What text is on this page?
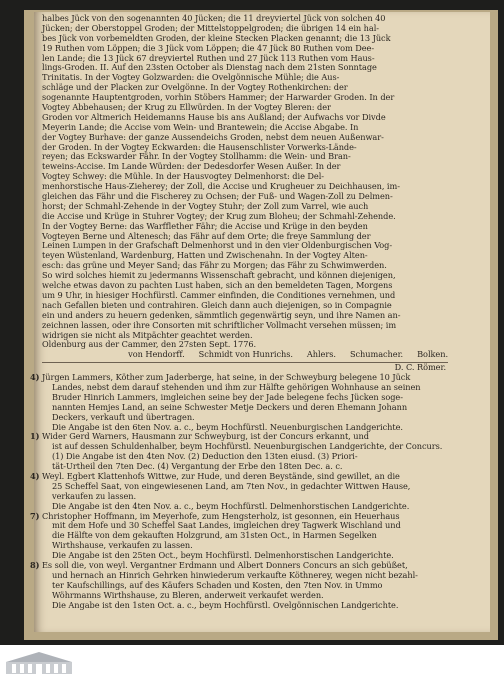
halbes Jück von den sogenannten 40 Jücken; die 11 dreyviertel Jück von solchen 40
Jücken; der Oberstoppel Groden; der Mittelstoppelgroden; die übrigen 14 ein hal-
bes Jück von vorbemeldten Groden, der kleine Stecken Placken genannt; die 13 Jück
19 Ruthen vom Löppen; die 3 Jück vom Löppen; die 47 Jück 80 Ruthen vom Dee-
len Lande; die 13 Jück 67 dreyviertel Ruthen und 27 Jück 113 Ruthen vom Haus-
lings-Groden. II. Auf den 23sten October als Dienstag nach dem 21sten Sonntage
Trinitatis. In der Vogtey Golzwarden: die Ovelgönnische Mühle; die Aus-
schläge und der Placken zur Ovelgönne. In der Vogtey Rothenkirchen: der
sogenannte Hauptentgroden, vorhin Stöbers Hammer; der Harwarder Groden. In der
Vogtey Abbehausen; der Krug zu Ellwürden. In der Vogtey Bleren: der
Groden vor Altmerich Heidemanns Hause bis ans Außland; der Aufwachs vor Divde
Meyerin Lande; die Accise vom Wein- und Brantewein; die Accise Abgabe. In
der Vogtey Burhave: der ganze Aussendeichs Groden, nebst dem neuen Außenwar-
der Groden. In der Vogtey Eckwarden: die Hausenschlister Vorwerks-Lände-
reyen; das Eckswarder Fähr. In der Vogtey Stollhamm: die Wein- und Bran-
teweins-Accise. Im Lande Würden: der Dedesdorfer Wesen Außer. In der
Vogtey Schwey: die Mühle. In der Hausvogtey Delmenhorst: die Del-
menhorstische Haus-Zieherey; der Zoll, die Accise und Krugheuer zu Deichhausen, im-
gleichen das Fähr und die Fischerey zu Ochsen; der Fuß- und Wagen-Zoll zu Delmen-
horst; der Schmahl-Zehende in der Vogtey Stuhr; der Zoll zum Varrel, wie auch
die Accise und Krüge in Stuhrer Vogtey; der Krug zum Bloheu; der Schmahl-Zehende.
In der Vogtey Berne: das Warfflether Fähr; die Accise und Krüge in den beyden
Vogteyen Berne und Altenesch; das Fähr auf dem Orte; die freye Sammlung der
Leinen Lumpen in der Grafschaft Delmenhorst und in den vier Oldenburgischen Vog-
teyen Wüstenland, Wardenburg, Hatten und Zwischenahn. In der Vogtey Alten-
esch: das grüne und Meyer Sand; das Fähr zu Morgen; das Fähr zu Schwimwerden.
So wird solches hiemit zu jedermanns Wissenschaft gebracht, und können diejenigen,
welche etwas davon zu pachten Lust haben, sich an den bemeldeten Tagen, Morgens
um 9 Uhr, in hiesiger Hochfürstl. Cammer einfinden, die Conditiones vernehmen, und
nach Gefallen bieten und contrahiren. Gleich dann auch diejenigen, so in Compagnie
ein und anders zu heuern gedenken, sämmtlich gegenwärtig seyn, und ihre Namen an-
zeichnen lassen, oder ihre Consorten mit schriftlicher Vollmacht versehen müssen; im
widrigen sie nicht als Mitpächter geachtet werden.
Oldenburg aus der Cammer, den 27sten Sept. 1776.
von Hendorff. Schmidt von Hunrichs. Ahlers. Schumacher. Bolken.
D. C. Römer.
4) Jürgen Lammers, Köther zum Jaderberge, hat seine, in der Schweyburg belegene 10 Jück
Landes, nebst dem darauf stehenden und ihm zur Hälfte gehörigen Wohnhause an seinen
Bruder Hinrich Lammers, imgleichen seine bey der Jade belegene fechs Jücken soge-
nannten Hemjes Land, an seine Schwester Metje Deckers und deren Ehemann Johann
Deckers, verkauft und übertragen.
Die Angabe ist den 6ten Nov. a. c., beym Hochfürstl. Neuenburgischen Landgerichte.
1) Wider Gerd Warners, Hausmann zur Schweyburg, ist der Concurs erkannt, und
ist auf dessen Schuldenhalber, beym Hochfürstl. Neuenburgischen Landgerichte, der Concurs.
(1) Die Angabe ist den 4ten Nov. (2) Deduction den 13ten eiusd. (3) Priori-
tät-Urtheil den 7ten Dec. (4) Vergantung der Erbe den 18ten Dec. a. c.
4) Weyl. Egbert Klattenhofs Wittwe, zur Hude, und deren Beystände, sind gewillet, an die
25 Scheffel Saat, von eingewiesenen Land, am 7ten Nov., in gedachter Wittwen Hause,
verkaufen zu lassen.
Die Angabe ist den 4ten Nov. a. c., beym Hochfürstl. Delmenhorstischen Landgerichte.
7) Christopher Hoffmann, im Meyerhofe, zum Hengsterholz, ist gesonnen, ein Heuerhaus
mit dem Hofe und 30 Scheffel Saat Landes, imgleichen drey Tagwerk Wischland und
die Hälfte von dem gekauften Holzgrund, am 31sten Oct., in Harmen Segelken
Wirthshause, verkaufen zu lassen.
Die Angabe ist den 25ten Oct., beym Hochfürstl. Delmenhorstischen Landgerichte.
8) Es soll die, von weyl. Vergantner Erdmann und Albert Donners Concurs an sich gebüßet,
und hernach an Hinrich Gehrken hinwiederum verkaufte Köthnerey, wegen nicht bezahl-
ter Kaufschillings, auf des Käufers Schaden und Kosten, den 7ten Nov. in Ummo
Wöhrmanns Wirthshause, zu Bleren, anderweit verkaufet werden.
Die Angabe ist den 1sten Oct. a. c., beym Hochfürstl. Ovelgönnischen Landgerichte.
